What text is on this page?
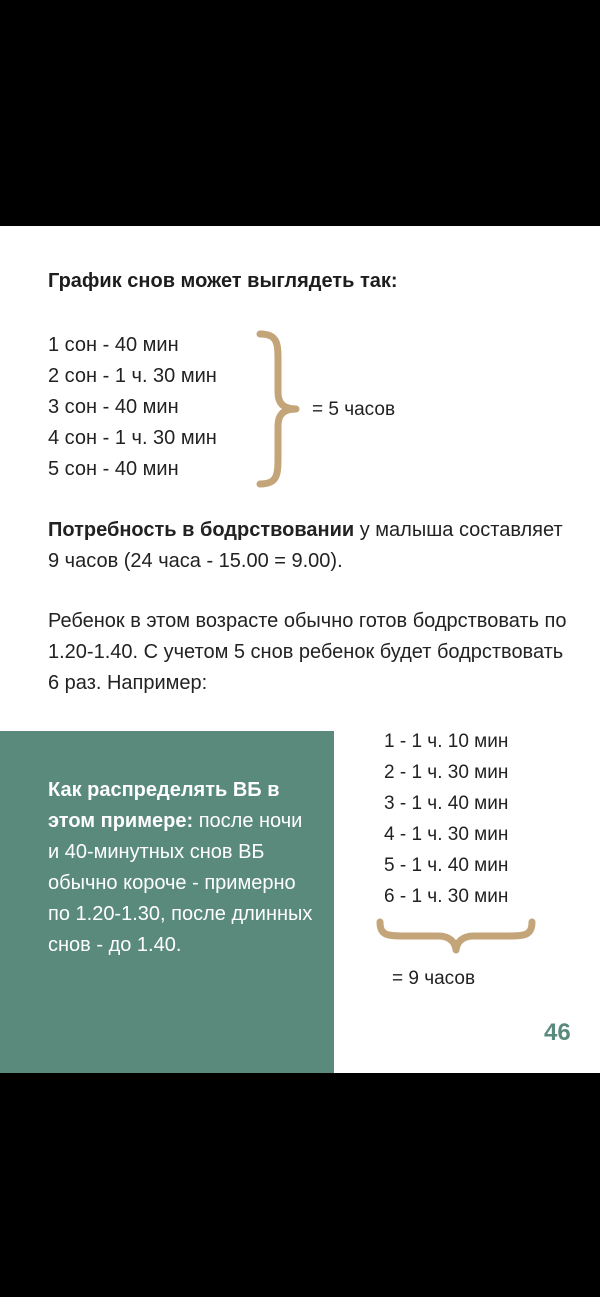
График снов может выглядеть так:
1 сон - 40 мин
2 сон - 1 ч. 30 мин
3 сон - 40 мин
4 сон - 1 ч. 30 мин
5 сон - 40 мин
= 5 часов
Потребность в бодрствовании у малыша составляет 9 часов (24 часа - 15.00 = 9.00).
Ребенок в этом возрасте обычно готов бодрствовать по 1.20-1.40. С учетом 5 снов ребенок будет бодрствовать 6 раз. Например:
Как распределять ВБ в этом примере: после ночи и 40-минутных снов ВБ обычно короче - примерно по 1.20-1.30, после длинных снов - до 1.40.
1 - 1 ч. 10 мин
2 - 1 ч. 30 мин
3 - 1 ч. 40 мин
4 - 1 ч. 30 мин
5 - 1 ч. 40 мин
6 - 1 ч. 30 мин
= 9 часов
46
